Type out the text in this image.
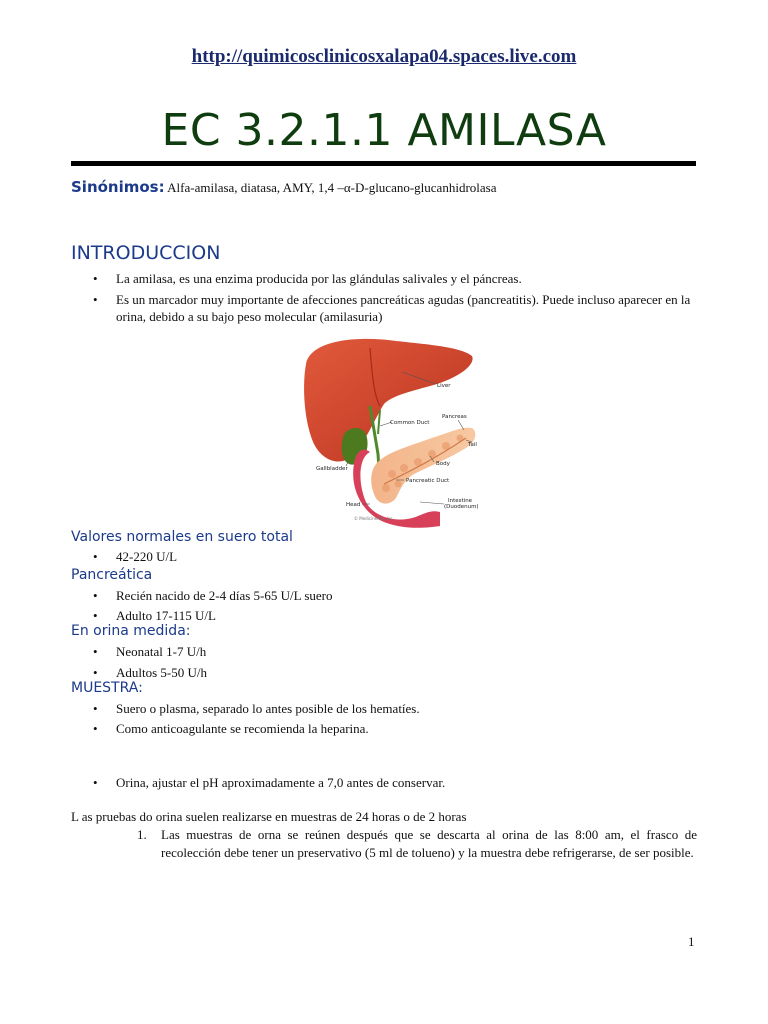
http://quimicosclinicosxalapa04.spaces.live.com
EC 3.2.1.1 AMILASA
Sinónimos: Alfa-amilasa, diatasa, AMY, 1,4 –α-D-glucano-glucanhidrolasa
INTRODUCCION
• La amilasa, es una enzima producida por las glándulas salivales y el páncreas.
• Es un marcador muy importante de afecciones pancreáticas agudas (pancreatitis). Puede incluso aparecer en la orina, debido a su bajo peso molecular (amilasuria)
Liver
Common Duct
Pancreas
Tail
Body
Gallbladder
Pancreatic Duct
Head
Intestine
(Duodenum)
© MedicineNet, Inc.
Valores normales en suero total
• 42-220 U/L
Pancreática
• Recién nacido de 2-4 días 5-65 U/L suero
• Adulto 17-115 U/L
En orina medida:
• Neonatal 1-7 U/h
• Adultos 5-50 U/h
MUESTRA:
• Suero o plasma, separado lo antes posible de los hematíes.
• Como anticoagulante se recomienda la heparina.
• Orina, ajustar el pH aproximadamente a 7,0 antes de conservar.
L as pruebas do orina suelen realizarse en muestras de 24 horas o de 2 horas
1.	Las muestras de orna se reúnen después que se descarta al orina de las 8:00 am, el frasco de recolección debe tener un preservativo (5 ml de tolueno) y la muestra debe refrigerarse, de ser posible.
1
